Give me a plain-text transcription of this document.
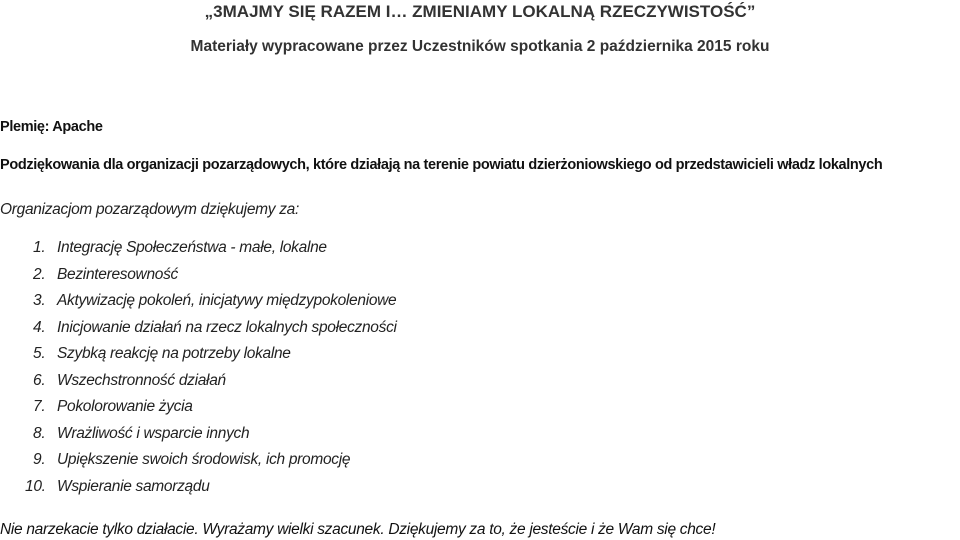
„3MAJMY SIĘ RAZEM I… ZMIENIAMY LOKALNĄ RZECZYWISTOŚĆ”
Materiały wypracowane przez Uczestników spotkania 2 października 2015 roku
Plemię: Apache
Podziękowania dla organizacji pozarządowych, które działają na terenie powiatu dzierżoniowskiego od przedstawicieli władz lokalnych
Organizacjom pozarządowym dziękujemy za:
1. Integrację Społeczeństwa - małe, lokalne
2. Bezinteresowność
3. Aktywizację pokoleń, inicjatywy międzypokoleniowe
4. Inicjowanie działań na rzecz lokalnych społeczności
5. Szybką reakcję na potrzeby lokalne
6. Wszechstronność działań
7. Pokolorowanie życia
8. Wrażliwość i wsparcie innych
9. Upiększenie swoich środowisk, ich promocję
10. Wspieranie samorządu
Nie narzekacie tylko działacie. Wyrażamy wielki szacunek. Dziękujemy za to, że jesteście i że Wam się chce!
